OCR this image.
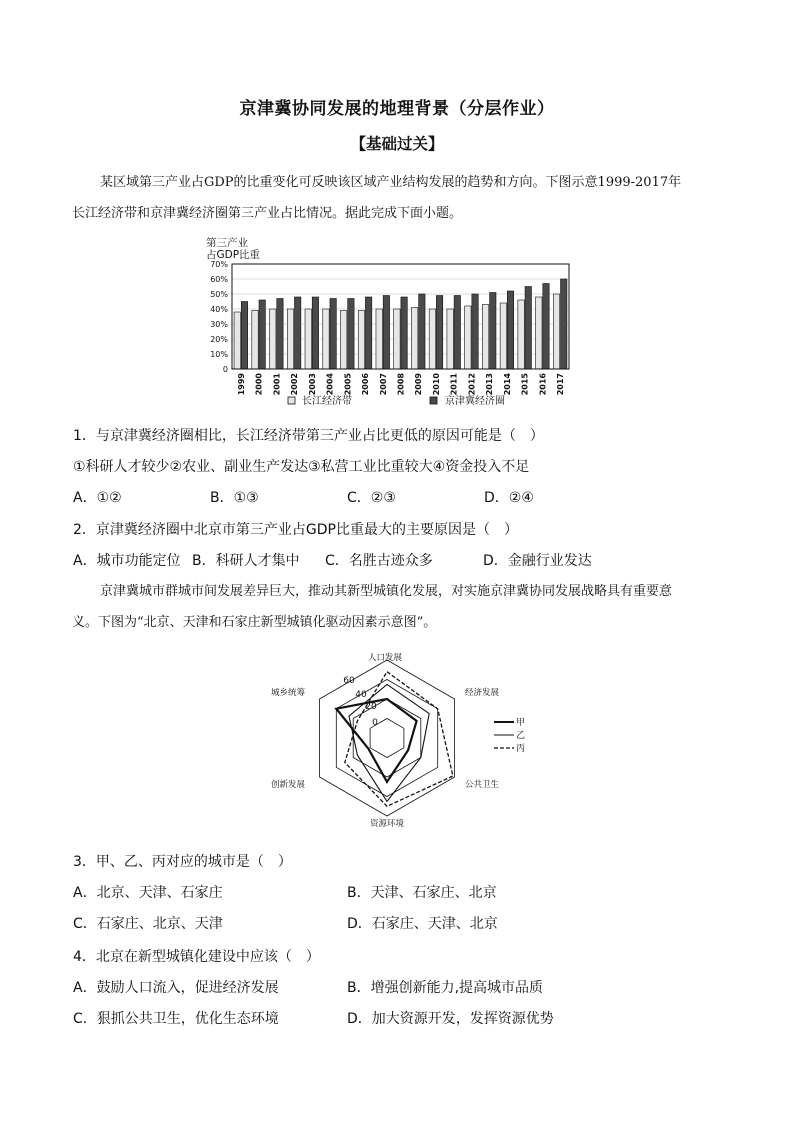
京津冀协同发展的地理背景（分层作业）
【基础过关】
某区域第三产业占GDP的比重变化可反映该区域产业结构发展的趋势和方向。下图示意1999-2017年
长江经济带和京津冀经济圈第三产业占比情况。据此完成下面小题。
第三产业
占GDP比重
70%
60%
50%
40%
30%
20%
10%
0
1999 2000 2001 2002 2003 2004 2005 2006 2007 2008 2009 2010 2011 2012 2013 2014 2015 2016 2017
长江经济带	京津冀经济圈
1．与京津冀经济圈相比，长江经济带第三产业占比更低的原因可能是（　）
①科研人才较少②农业、副业生产发达③私营工业比重较大④资金投入不足
A．①②	B．①③	C．②③	D．②④
2．京津冀经济圈中北京市第三产业占GDP比重最大的主要原因是（　）
A．城市功能定位 B．科研人才集中 C．名胜古迹众多	D．金融行业发达
京津冀城市群城市间发展差异巨大，推动其新型城镇化发展，对实施京津冀协同发展战略具有重要意
义。下图为“北京、天津和石家庄新型城镇化驱动因素示意图”。
人口发展
经济发展
公共卫生
资源环境
创新发展
城乡统筹
0
20
40
60
甲
乙
丙
3．甲、乙、丙对应的城市是（　）
A．北京、天津、石家庄	B．天津、石家庄、北京
C．石家庄、北京、天津	D．石家庄、天津、北京
4．北京在新型城镇化建设中应该（　）
A．鼓励人口流入，促进经济发展	B．增强创新能力,提高城市品质
C．狠抓公共卫生，优化生态环境	D．加大资源开发，发挥资源优势
